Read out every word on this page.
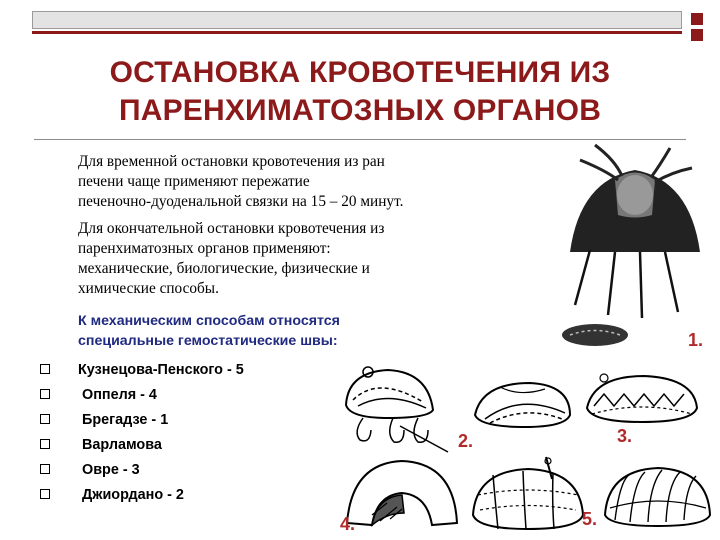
ОСТАНОВКА КРОВОТЕЧЕНИЯ ИЗ
ПАРЕНХИМАТОЗНЫХ ОРГАНОВ
Для временной остановки кровотечения из ран
печени чаще применяют пережатие
печеночно-дуоденальной связки на 15 – 20 минут.
Для окончательной остановки кровотечения из
паренхиматозных органов применяют:
механические, биологические, физические и
химические способы.
К механическим способам относятся
специальные гемостатические швы:
Кузнецова-Пенского - 5
Оппеля - 4
Брегадзе - 1
Варламова
Овре - 3
Джиордано - 2
1.
2.	3.
4.	5.
